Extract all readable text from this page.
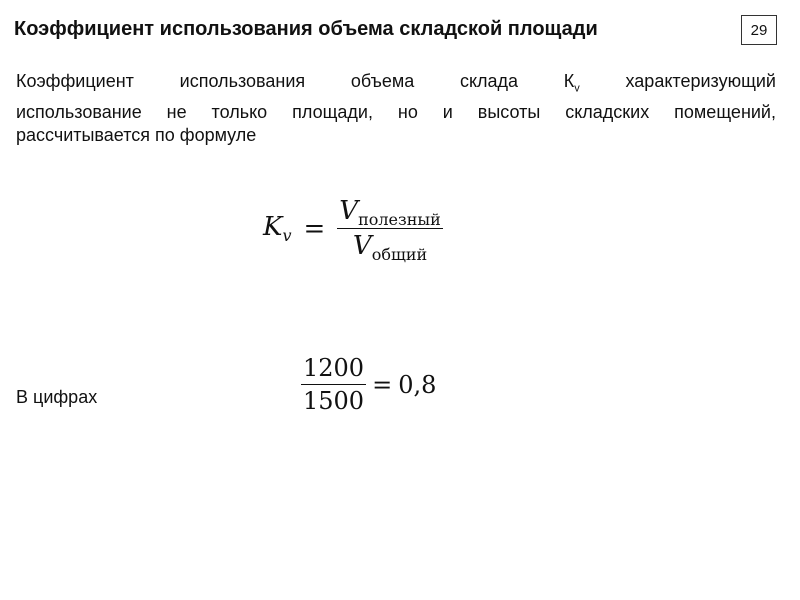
Коэффициент использования объема складской площади	29
Коэффициент использования объема склада $К_v$ характеризующий
использование не только площади, но и высоты складских помещений,
рассчитывается по формуле
$K_v = \frac{V_{полезный}}{V_{общий}}$
В цифрах	$\frac{1200}{1500} = 0,8$
